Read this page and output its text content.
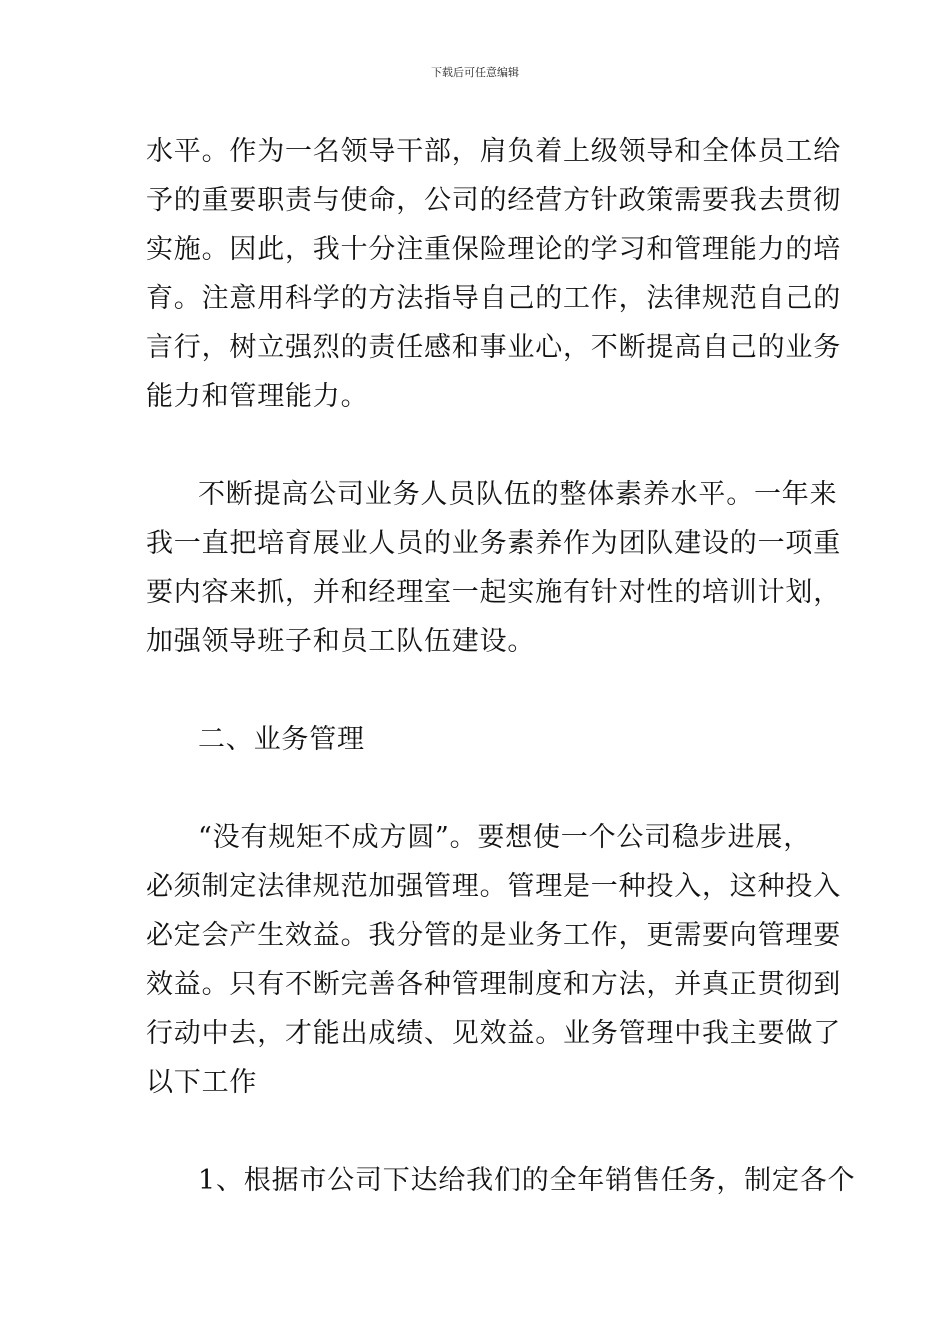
下载后可任意编辑
水平。作为一名领导干部，肩负着上级领导和全体员工给
予的重要职责与使命，公司的经营方针政策需要我去贯彻
实施。因此，我十分注重保险理论的学习和管理能力的培
育。注意用科学的方法指导自己的工作，法律规范自己的
言行，树立强烈的责任感和事业心，不断提高自己的业务
能力和管理能力。
不断提高公司业务人员队伍的整体素养水平。一年来
我一直把培育展业人员的业务素养作为团队建设的一项重
要内容来抓，并和经理室一起实施有针对性的培训计划，
加强领导班子和员工队伍建设。
二、业务管理
“没有规矩不成方圆”。要想使一个公司稳步进展，
必须制定法律规范加强管理。管理是一种投入，这种投入
必定会产生效益。我分管的是业务工作，更需要向管理要
效益。只有不断完善各种管理制度和方法，并真正贯彻到
行动中去，才能出成绩、见效益。业务管理中我主要做了
以下工作
1、根据市公司下达给我们的全年销售任务，制定各个
